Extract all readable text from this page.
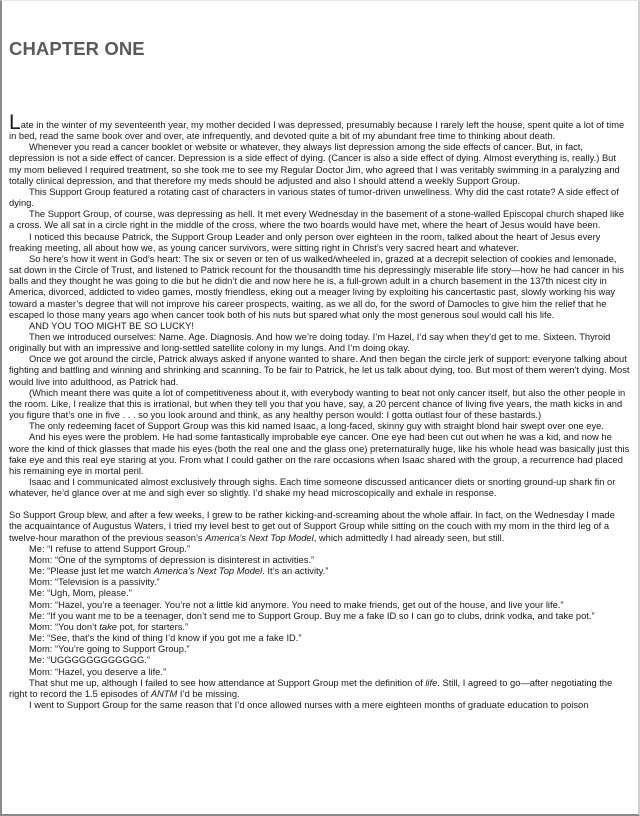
CHAPTER ONE

Late in the winter of my seventeenth year, my mother decided I was depressed, presumably because I rarely left the house, spent quite a lot of time in bed, read the same book over and over, ate infrequently, and devoted quite a bit of my abundant free time to thinking about death.

Whenever you read a cancer booklet or website or whatever, they always list depression among the side effects of cancer. But, in fact, depression is not a side effect of cancer. Depression is a side effect of dying. (Cancer is also a side effect of dying. Almost everything is, really.) But my mom believed I required treatment, so she took me to see my Regular Doctor Jim, who agreed that I was veritably swimming in a paralyzing and totally clinical depression, and that therefore my meds should be adjusted and also I should attend a weekly Support Group.

This Support Group featured a rotating cast of characters in various states of tumor-driven unwellness. Why did the cast rotate? A side effect of dying.

The Support Group, of course, was depressing as hell. It met every Wednesday in the basement of a stone-walled Episcopal church shaped like a cross. We all sat in a circle right in the middle of the cross, where the two boards would have met, where the heart of Jesus would have been.

I noticed this because Patrick, the Support Group Leader and only person over eighteen in the room, talked about the heart of Jesus every freaking meeting, all about how we, as young cancer survivors, were sitting right in Christ’s very sacred heart and whatever.

So here’s how it went in God’s heart: The six or seven or ten of us walked/wheeled in, grazed at a decrepit selection of cookies and lemonade, sat down in the Circle of Trust, and listened to Patrick recount for the thousandth time his depressingly miserable life story—how he had cancer in his balls and they thought he was going to die but he didn’t die and now here he is, a full-grown adult in a church basement in the 137th nicest city in America, divorced, addicted to video games, mostly friendless, eking out a meager living by exploiting his cancertastic past, slowly working his way toward a master’s degree that will not improve his career prospects, waiting, as we all do, for the sword of Damocles to give him the relief that he escaped lo those many years ago when cancer took both of his nuts but spared what only the most generous soul would call his life.

AND YOU TOO MIGHT BE SO LUCKY!

Then we introduced ourselves: Name. Age. Diagnosis. And how we’re doing today. I’m Hazel, I’d say when they’d get to me. Sixteen. Thyroid originally but with an impressive and long-settled satellite colony in my lungs. And I’m doing okay.

Once we got around the circle, Patrick always asked if anyone wanted to share. And then began the circle jerk of support: everyone talking about fighting and battling and winning and shrinking and scanning. To be fair to Patrick, he let us talk about dying, too. But most of them weren’t dying. Most would live into adulthood, as Patrick had.

(Which meant there was quite a lot of competitiveness about it, with everybody wanting to beat not only cancer itself, but also the other people in the room. Like, I realize that this is irrational, but when they tell you that you have, say, a 20 percent chance of living five years, the math kicks in and you figure that’s one in five . . . so you look around and think, as any healthy person would: I gotta outlast four of these bastards.)

The only redeeming facet of Support Group was this kid named Isaac, a long-faced, skinny guy with straight blond hair swept over one eye.

And his eyes were the problem. He had some fantastically improbable eye cancer. One eye had been cut out when he was a kid, and now he wore the kind of thick glasses that made his eyes (both the real one and the glass one) preternaturally huge, like his whole head was basically just this fake eye and this real eye staring at you. From what I could gather on the rare occasions when Isaac shared with the group, a recurrence had placed his remaining eye in mortal peril.

Isaac and I communicated almost exclusively through sighs. Each time someone discussed anticancer diets or snorting ground-up shark fin or whatever, he’d glance over at me and sigh ever so slightly. I’d shake my head microscopically and exhale in response.

So Support Group blew, and after a few weeks, I grew to be rather kicking-and-screaming about the whole affair. In fact, on the Wednesday I made the acquaintance of Augustus Waters, I tried my level best to get out of Support Group while sitting on the couch with my mom in the third leg of a twelve-hour marathon of the previous season’s America’s Next Top Model, which admittedly I had already seen, but still.

Me: “I refuse to attend Support Group.”

Mom: “One of the symptoms of depression is disinterest in activities.”

Me: “Please just let me watch America’s Next Top Model. It’s an activity.”

Mom: “Television is a passivity.”

Me: “Ugh, Mom, please.”

Mom: “Hazel, you’re a teenager. You’re not a little kid anymore. You need to make friends, get out of the house, and live your life.”

Me: “If you want me to be a teenager, don’t send me to Support Group. Buy me a fake ID so I can go to clubs, drink vodka, and take pot.”

Mom: “You don’t take pot, for starters.”

Me: “See, that’s the kind of thing I’d know if you got me a fake ID.”

Mom: “You’re going to Support Group.”

Me: “UGGGGGGGGGGGG.”

Mom: “Hazel, you deserve a life.”

That shut me up, although I failed to see how attendance at Support Group met the definition of life. Still, I agreed to go—after negotiating the right to record the 1.5 episodes of ANTM I’d be missing.

I went to Support Group for the same reason that I’d once allowed nurses with a mere eighteen months of graduate education to poison
